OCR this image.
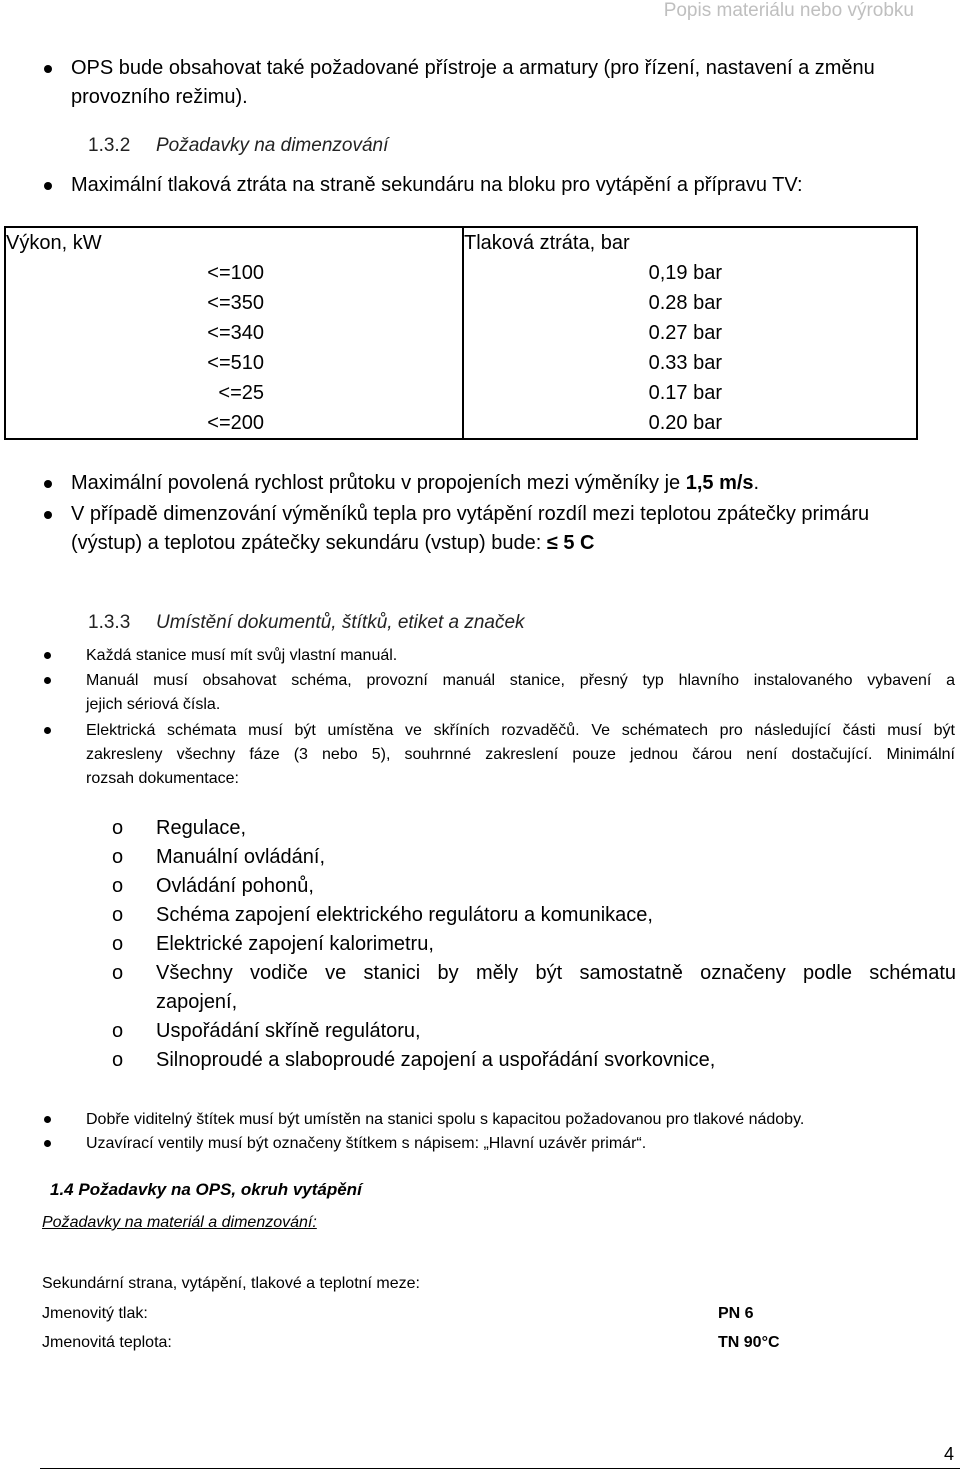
Popis materiálu nebo výrobku
OPS bude obsahovat také požadované přístroje a armatury (pro řízení, nastavení a změnu
provozního režimu).
1.3.2 Požadavky na dimenzování
Maximální tlaková ztráta na straně sekundáru na bloku pro vytápění a přípravu TV:
Výkon, kW	Tlaková ztráta, bar
<=100	0,19 bar
<=350	0.28 bar
<=340	0.27 bar
<=510	0.33 bar
<=25	0.17 bar
<=200	0.20 bar
Maximální povolená rychlost průtoku v propojeních mezi výměníky je 1,5 m/s.
V případě dimenzování výměníků tepla pro vytápění rozdíl mezi teplotou zpátečky primáru
(výstup) a teplotou zpátečky sekundáru (vstup) bude: ≤ 5 C
1.3.3 Umístění dokumentů, štítků, etiket a značek
Každá stanice musí mít svůj vlastní manuál.
Manuál musí obsahovat schéma, provozní manuál stanice, přesný typ hlavního instalovaného vybavení a
jejich sériová čísla.
Elektrická schémata musí být umístěna ve skříních rozvaděčů. Ve schématech pro následující části musí být
zakresleny všechny fáze (3 nebo 5), souhrnné zakreslení pouze jednou čárou není dostačující. Minimální
rozsah dokumentace:
o Regulace,
o Manuální ovládání,
o Ovládání pohonů,
o Schéma zapojení elektrického regulátoru a komunikace,
o Elektrické zapojení kalorimetru,
o Všechny vodiče ve stanici by měly být samostatně označeny podle schématu
zapojení,
o Uspořádání skříně regulátoru,
o Silnoproudé a slaboproudé zapojení a uspořádání svorkovnice,
Dobře viditelný štítek musí být umístěn na stanici spolu s kapacitou požadovanou pro tlakové nádoby.
Uzavírací ventily musí být označeny štítkem s nápisem: „Hlavní uzávěr primár“.
1.4 Požadavky na OPS, okruh vytápění
Požadavky na materiál a dimenzování:
Sekundární strana, vytápění, tlakové a teplotní meze:
Jmenovitý tlak:	PN 6
Jmenovitá teplota:	TN 90°C
4
